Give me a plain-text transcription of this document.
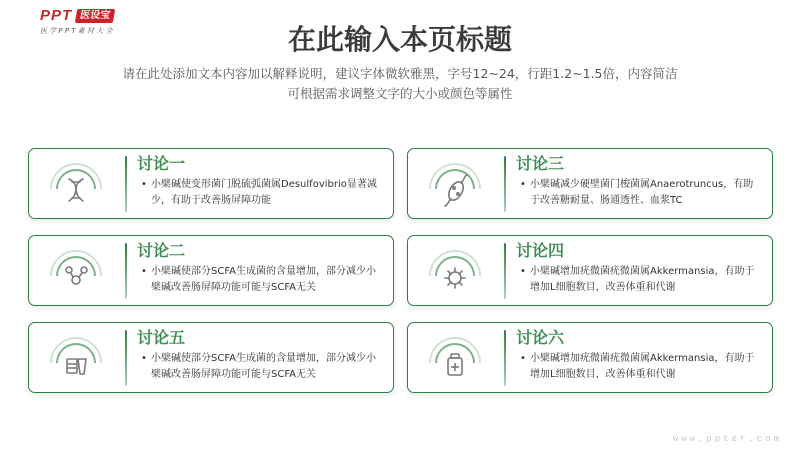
PPT 医设宝
医学PPT素材大全	在此输入本页标题
请在此处添加文本内容加以解释说明，建议字体微软雅黑，字号12~24，行距1.2~1.5倍，内容简洁
可根据需求调整文字的大小或颜色等属性
讨论一
• 小檗碱使变形菌门脱硫弧菌属Desulfovibrio显著减少，有助于改善肠屏障功能
讨论三
• 小檗碱减少硬壁菌门梭菌属Anaerotruncus，有助于改善糖耐量、肠通透性、血浆TC
讨论二
• 小檗碱使部分SCFA生成菌的含量增加，部分减少小檗碱改善肠屏障功能可能与SCFA无关
讨论四
• 小檗碱增加疣微菌疣微菌属Akkermansia，有助于增加L细胞数目，改善体重和代谢
讨论五
• 小檗碱使部分SCFA生成菌的含量增加，部分减少小檗碱改善肠屏障功能可能与SCFA无关
讨论六
• 小檗碱增加疣微菌疣微菌属Akkermansia，有助于增加L细胞数目，改善体重和代谢
www.ppter.com
